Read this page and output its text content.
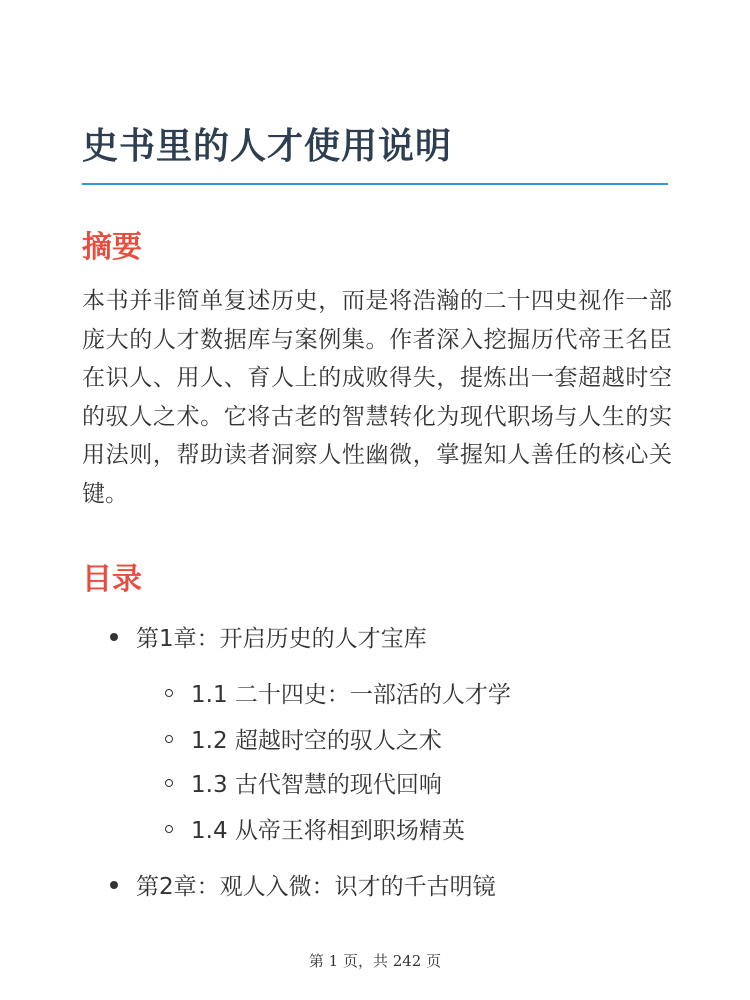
史书里的人才使用说明
摘要

本书并非简单复述历史，而是将浩瀚的二十四史视作一部庞大的人才数据库与案例集。作者深入挖掘历代帝王名臣在识人、用人、育人上的成败得失，提炼出一套超越时空的驭人之术。它将古老的智慧转化为现代职场与人生的实用法则，帮助读者洞察人性幽微，掌握知人善任的核心关键。

目录
第1章：开启历史的人才宝库
1.1 二十四史：一部活的人才学
1.2 超越时空的驭人之术
1.3 古代智慧的现代回响
1.4 从帝王将相到职场精英
第2章：观人入微：识才的千古明镜
第 1 页，共 242 页
